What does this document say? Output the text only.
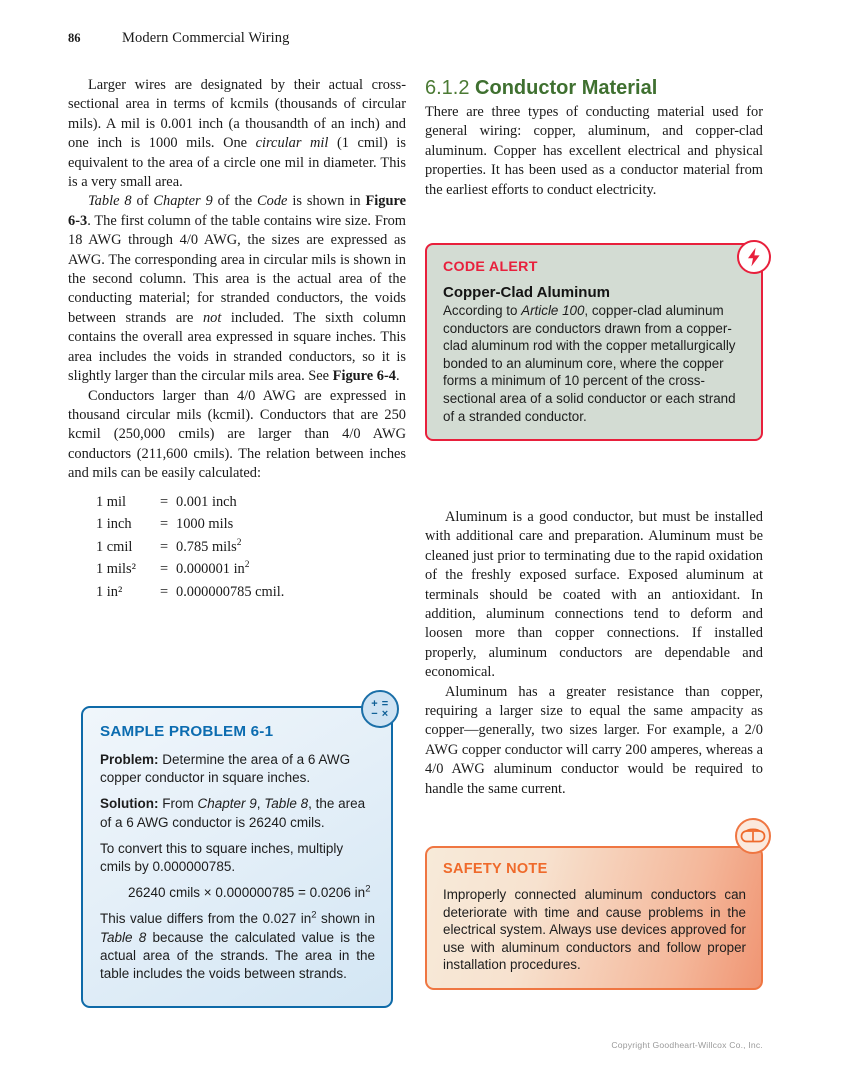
86	Modern Commercial Wiring

Larger wires are designated by their actual cross-sectional area in terms of kcmils (thousands of circular mils). A mil is 0.001 inch (a thousandth of an inch) and one inch is 1000 mils. One circular mil (1 cmil) is equivalent to the area of a circle one mil in diameter. This is a very small area.

Table 8 of Chapter 9 of the Code is shown in Figure 6-3. The first column of the table contains wire size. From 18 AWG through 4/0 AWG, the sizes are expressed as AWG. The corresponding area in circular mils is shown in the second column. This area is the actual area of the conducting material; for stranded conductors, the voids between strands are not included. The sixth column contains the overall area expressed in square inches. This area includes the voids in stranded conductors, so it is slightly larger than the circular mils area. See Figure 6-4.

Conductors larger than 4/0 AWG are expressed in thousand circular mils (kcmil). Conductors that are 250 kcmil (250,000 cmils) are larger than 4/0 AWG conductors (211,600 cmils). The relation between inches and mils can be easily calculated:

1 mil	= 0.001 inch
1 inch	= 1000 mils
1 cmil	= 0.785 mils$^2$
1 mils²	= 0.000001 $in^2$
1 in²	= 0.000000785 cmil.
6.1.2 Conductor Material

There are three types of conducting material used for general wiring: copper, aluminum, and copper-clad aluminum. Copper has excellent electrical and physical properties. It has been used as a conductor material from the earliest efforts to conduct electricity.

Aluminum is a good conductor, but must be installed with additional care and preparation. Aluminum must be cleaned just prior to terminating due to the rapid oxidation of the freshly exposed surface. Exposed aluminum at terminals should be coated with an antioxidant. In addition, aluminum connections tend to deform and loosen more than copper connections. If installed properly, aluminum conductors are dependable and economical.

Aluminum has a greater resistance than copper, requiring a larger size to equal the same ampacity as copper—generally, two sizes larger. For example, a 2/0 AWG copper conductor will carry 200 amperes, whereas a 4/0 AWG aluminum conductor would be required to handle the same current.

CODE ALERT
Copper-Clad Aluminum

According to Article 100, copper-clad aluminum conductors are conductors drawn from a copper-clad aluminum rod with the copper metallurgically bonded to an aluminum core, where the copper forms a minimum of 10 percent of the cross-sectional area of a solid conductor or each strand of a stranded conductor.

SAFETY NOTE

Improperly connected aluminum conductors can deteriorate with time and cause problems in the electrical system. Always use devices approved for use with aluminum conductors and follow proper installation procedures.

SAMPLE PROBLEM 6-1

Problem: Determine the area of a 6 AWG copper conductor in square inches.

Solution: From Chapter 9, Table 8, the area of a 6 AWG conductor is 26240 cmils.

To convert this to square inches, multiply cmils by 0.000000785.

26240 cmils × 0.000000785 = 0.0206 $in^2$

This value differs from the 0.027 $in^2$ shown in Table 8 because the calculated value is the actual area of the strands. The area in the table includes the voids between strands.

+ =
− ×
Copyright Goodheart-Willcox Co., Inc.
